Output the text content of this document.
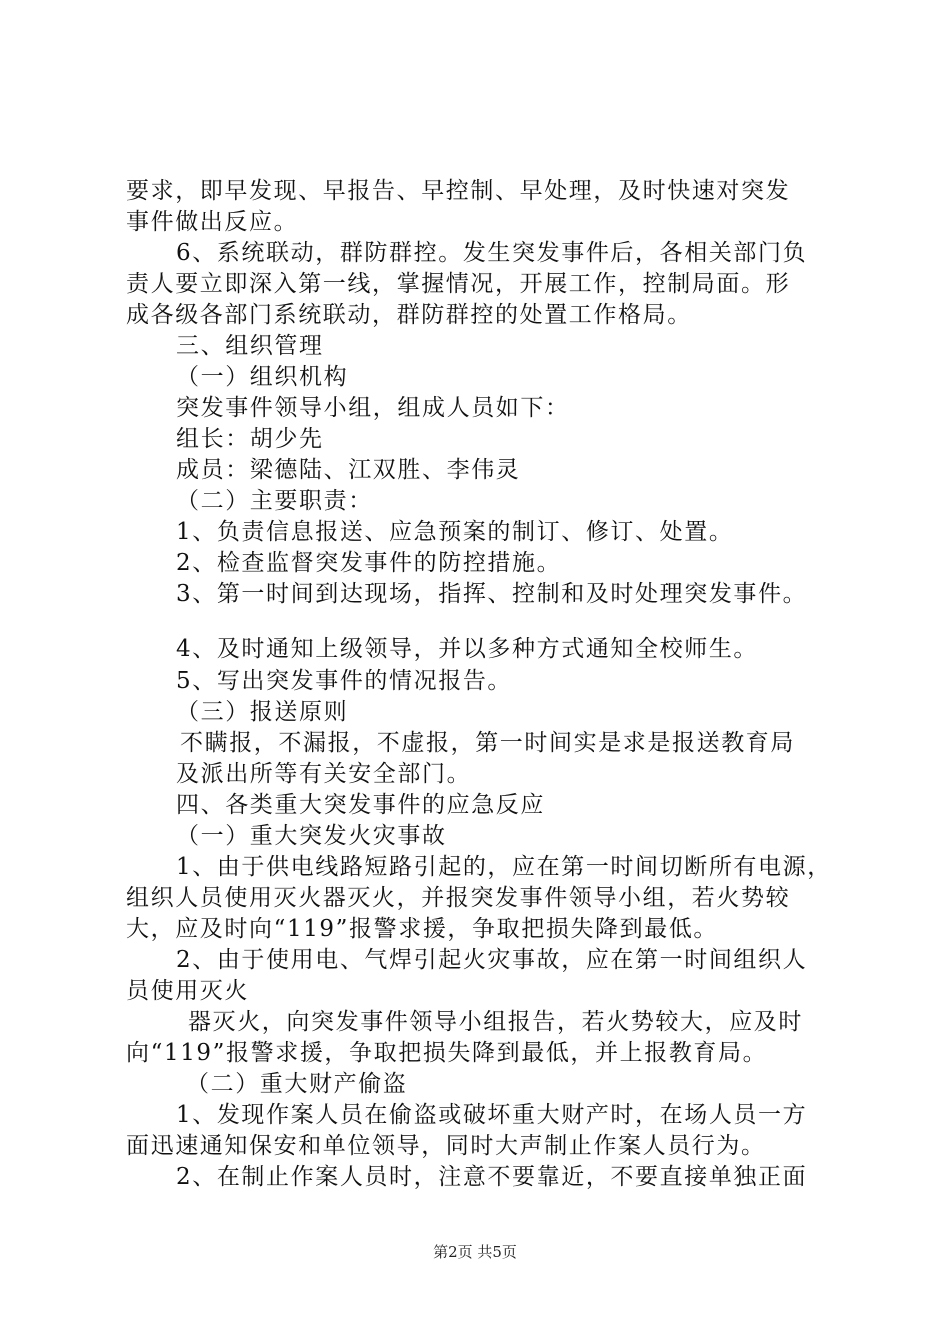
要求，即早发现、早报告、早控制、早处理，及时快速对突发
事件做出反应。
6、系统联动，群防群控。发生突发事件后，各相关部门负
责人要立即深入第一线，掌握情况，开展工作，控制局面。形
成各级各部门系统联动，群防群控的处置工作格局。
三、组织管理
（一）组织机构
突发事件领导小组，组成人员如下：
组长：胡少先
成员：梁德陆、江双胜、李伟灵
（二）主要职责：
1、负责信息报送、应急预案的制订、修订、处置。
2、检查监督突发事件的防控措施。
3、第一时间到达现场，指挥、控制和及时处理突发事件。
4、及时通知上级领导，并以多种方式通知全校师生。
5、写出突发事件的情况报告。
（三）报送原则
不瞒报，不漏报，不虚报，第一时间实是求是报送教育局
及派出所等有关安全部门。
四、各类重大突发事件的应急反应
（一）重大突发火灾事故
1、由于供电线路短路引起的，应在第一时间切断所有电源，
组织人员使用灭火器灭火，并报突发事件领导小组，若火势较
大，应及时向“119”报警求援，争取把损失降到最低。
2、由于使用电、气焊引起火灾事故，应在第一时间组织人
员使用灭火
器灭火，向突发事件领导小组报告，若火势较大，应及时
向“119”报警求援，争取把损失降到最低，并上报教育局。
（二）重大财产偷盗
1、发现作案人员在偷盗或破坏重大财产时，在场人员一方
面迅速通知保安和单位领导，同时大声制止作案人员行为。
2、在制止作案人员时，注意不要靠近，不要直接单独正面
第2页 共5页
